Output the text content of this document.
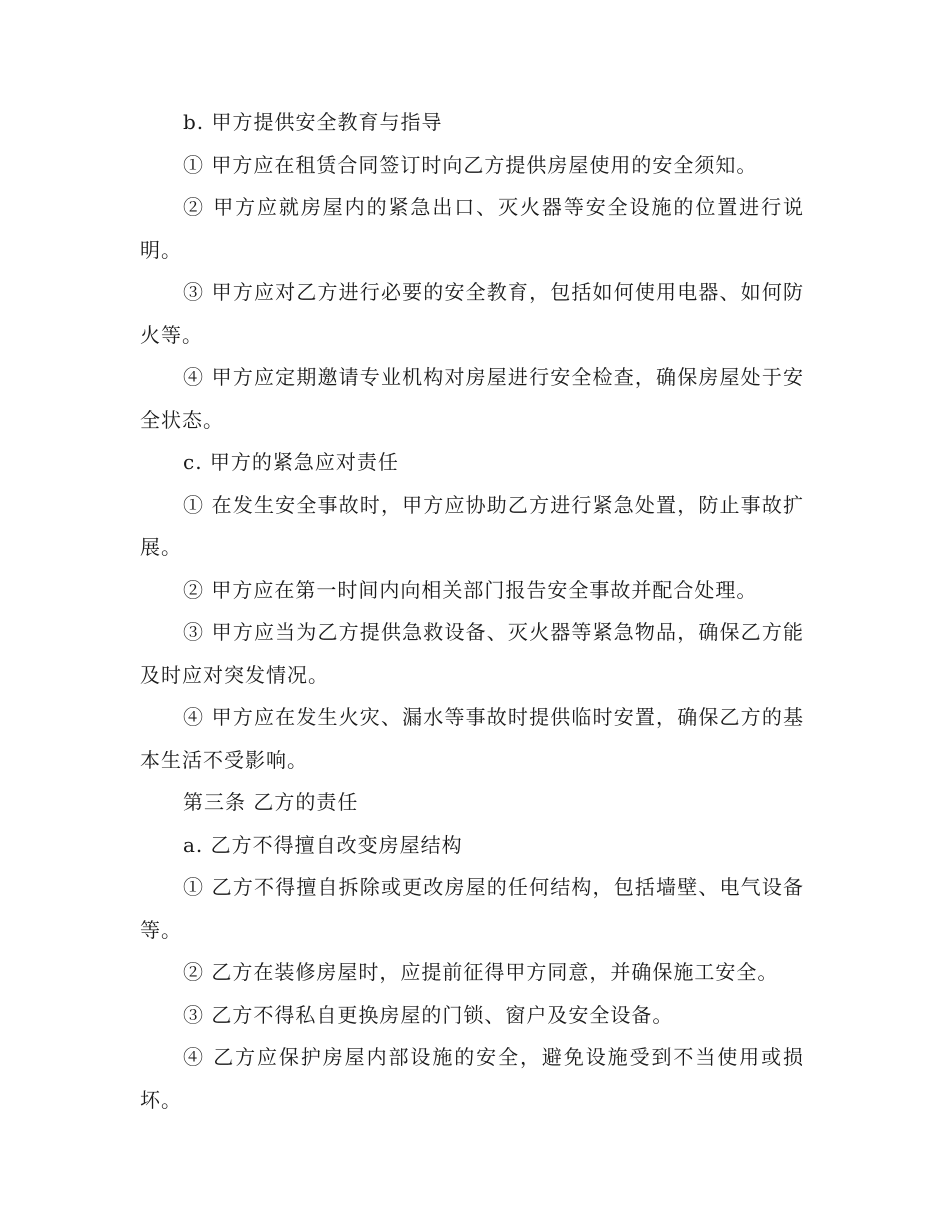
b. 甲方提供安全教育与指导

① 甲方应在租赁合同签订时向乙方提供房屋使用的安全须知。

② 甲方应就房屋内的紧急出口、灭火器等安全设施的位置进行说明。

③ 甲方应对乙方进行必要的安全教育，包括如何使用电器、如何防火等。

④ 甲方应定期邀请专业机构对房屋进行安全检查，确保房屋处于安全状态。

c. 甲方的紧急应对责任

① 在发生安全事故时，甲方应协助乙方进行紧急处置，防止事故扩展。

② 甲方应在第一时间内向相关部门报告安全事故并配合处理。

③ 甲方应当为乙方提供急救设备、灭火器等紧急物品，确保乙方能及时应对突发情况。

④ 甲方应在发生火灾、漏水等事故时提供临时安置，确保乙方的基本生活不受影响。

第三条 乙方的责任

a. 乙方不得擅自改变房屋结构

① 乙方不得擅自拆除或更改房屋的任何结构，包括墙壁、电气设备等。

② 乙方在装修房屋时，应提前征得甲方同意，并确保施工安全。

③ 乙方不得私自更换房屋的门锁、窗户及安全设备。

④ 乙方应保护房屋内部设施的安全，避免设施受到不当使用或损坏。
